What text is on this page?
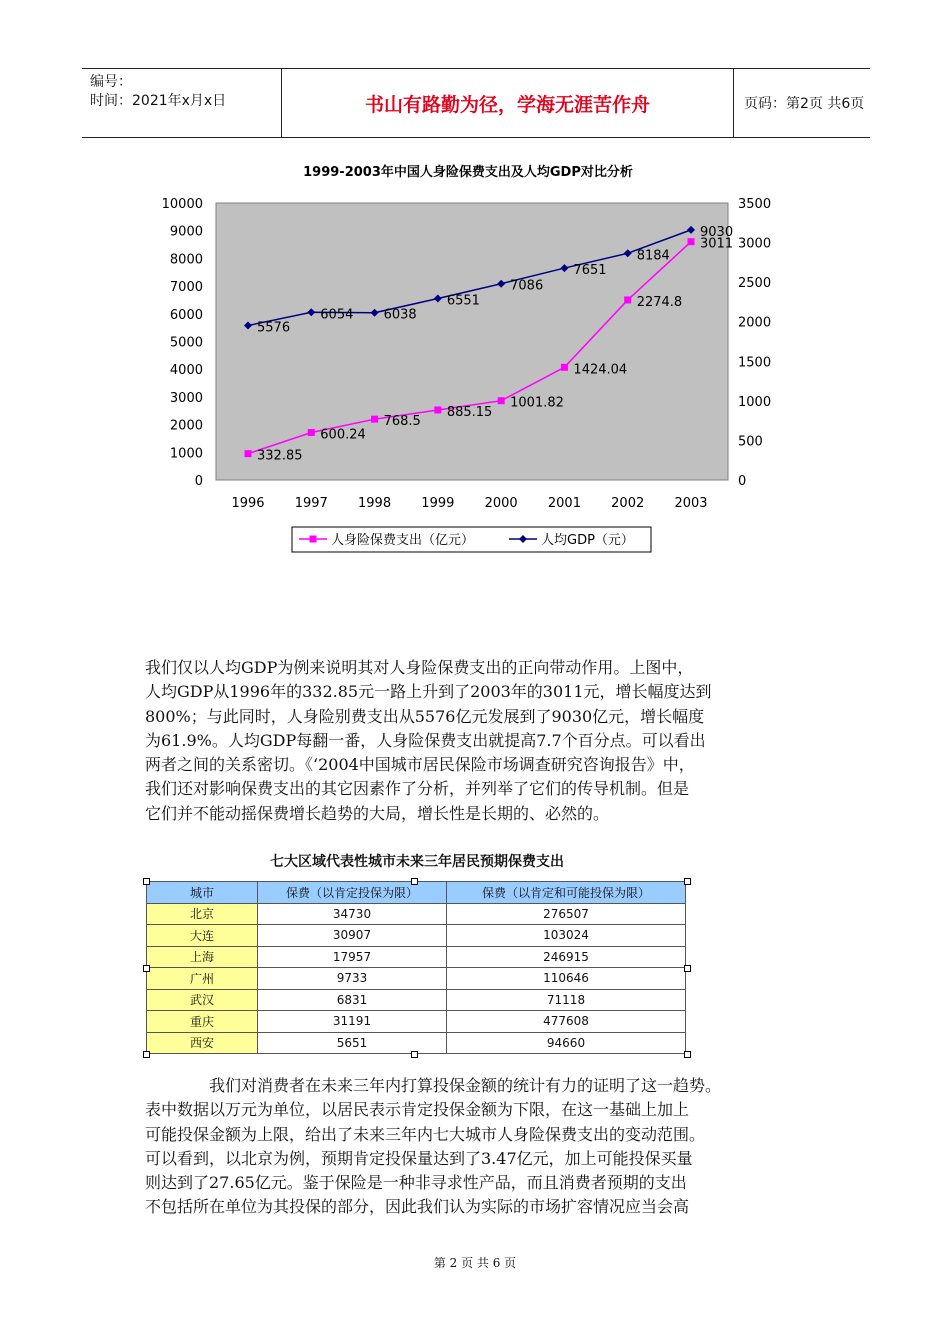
编号：
时间：2021年x月x日	书山有路勤为径，学海无涯苦作舟	页码：第2页 共6页
1999-2003年中国人身险保费支出及人均GDP对比分析
0
1000
2000
3000
4000
5000
6000
7000
8000
9000
10000
0
500
1000
1500
2000
2500
3000
3500
1996 1997 1998 1999 2000 2001 2002 2003
332.85
600.24
768.5
885.15
1001.82
1424.04
2274.8
3011
5576
6054 6038
6551
7086
7651
8184
9030
人身险保费支出（亿元）	人均GDP（元）
我们仅以人均GDP为例来说明其对人身险保费支出的正向带动作用。上图中，
人均GDP从1996年的332.85元一路上升到了2003年的3011元，增长幅度达到
800%；与此同时，人身险别费支出从5576亿元发展到了9030亿元，增长幅度
为61.9%。人均GDP每翻一番，人身险保费支出就提高7.7个百分点。可以看出
两者之间的关系密切。《‘2004中国城市居民保险市场调查研究咨询报告》中，
我们还对影响保费支出的其它因素作了分析，并列举了它们的传导机制。但是
它们并不能动摇保费增长趋势的大局，增长性是长期的、必然的。
七大区域代表性城市未来三年居民预期保费支出
城市	保费（以肯定投保为限）	保费（以肯定和可能投保为限）
北京	34730	276507
大连	30907	103024
上海	17957	246915
广州	9733	110646
武汉	6831	71118
重庆	31191	477608
西安	5651	94660
我们对消费者在未来三年内打算投保金额的统计有力的证明了这一趋势。
表中数据以万元为单位，以居民表示肯定投保金额为下限，在这一基础上加上
可能投保金额为上限，给出了未来三年内七大城市人身险保费支出的变动范围。
可以看到，以北京为例，预期肯定投保量达到了3.47亿元，加上可能投保买量
则达到了27.65亿元。鉴于保险是一种非寻求性产品，而且消费者预期的支出
不包括所在单位为其投保的部分，因此我们认为实际的市场扩容情况应当会高
第 2 页 共 6 页
